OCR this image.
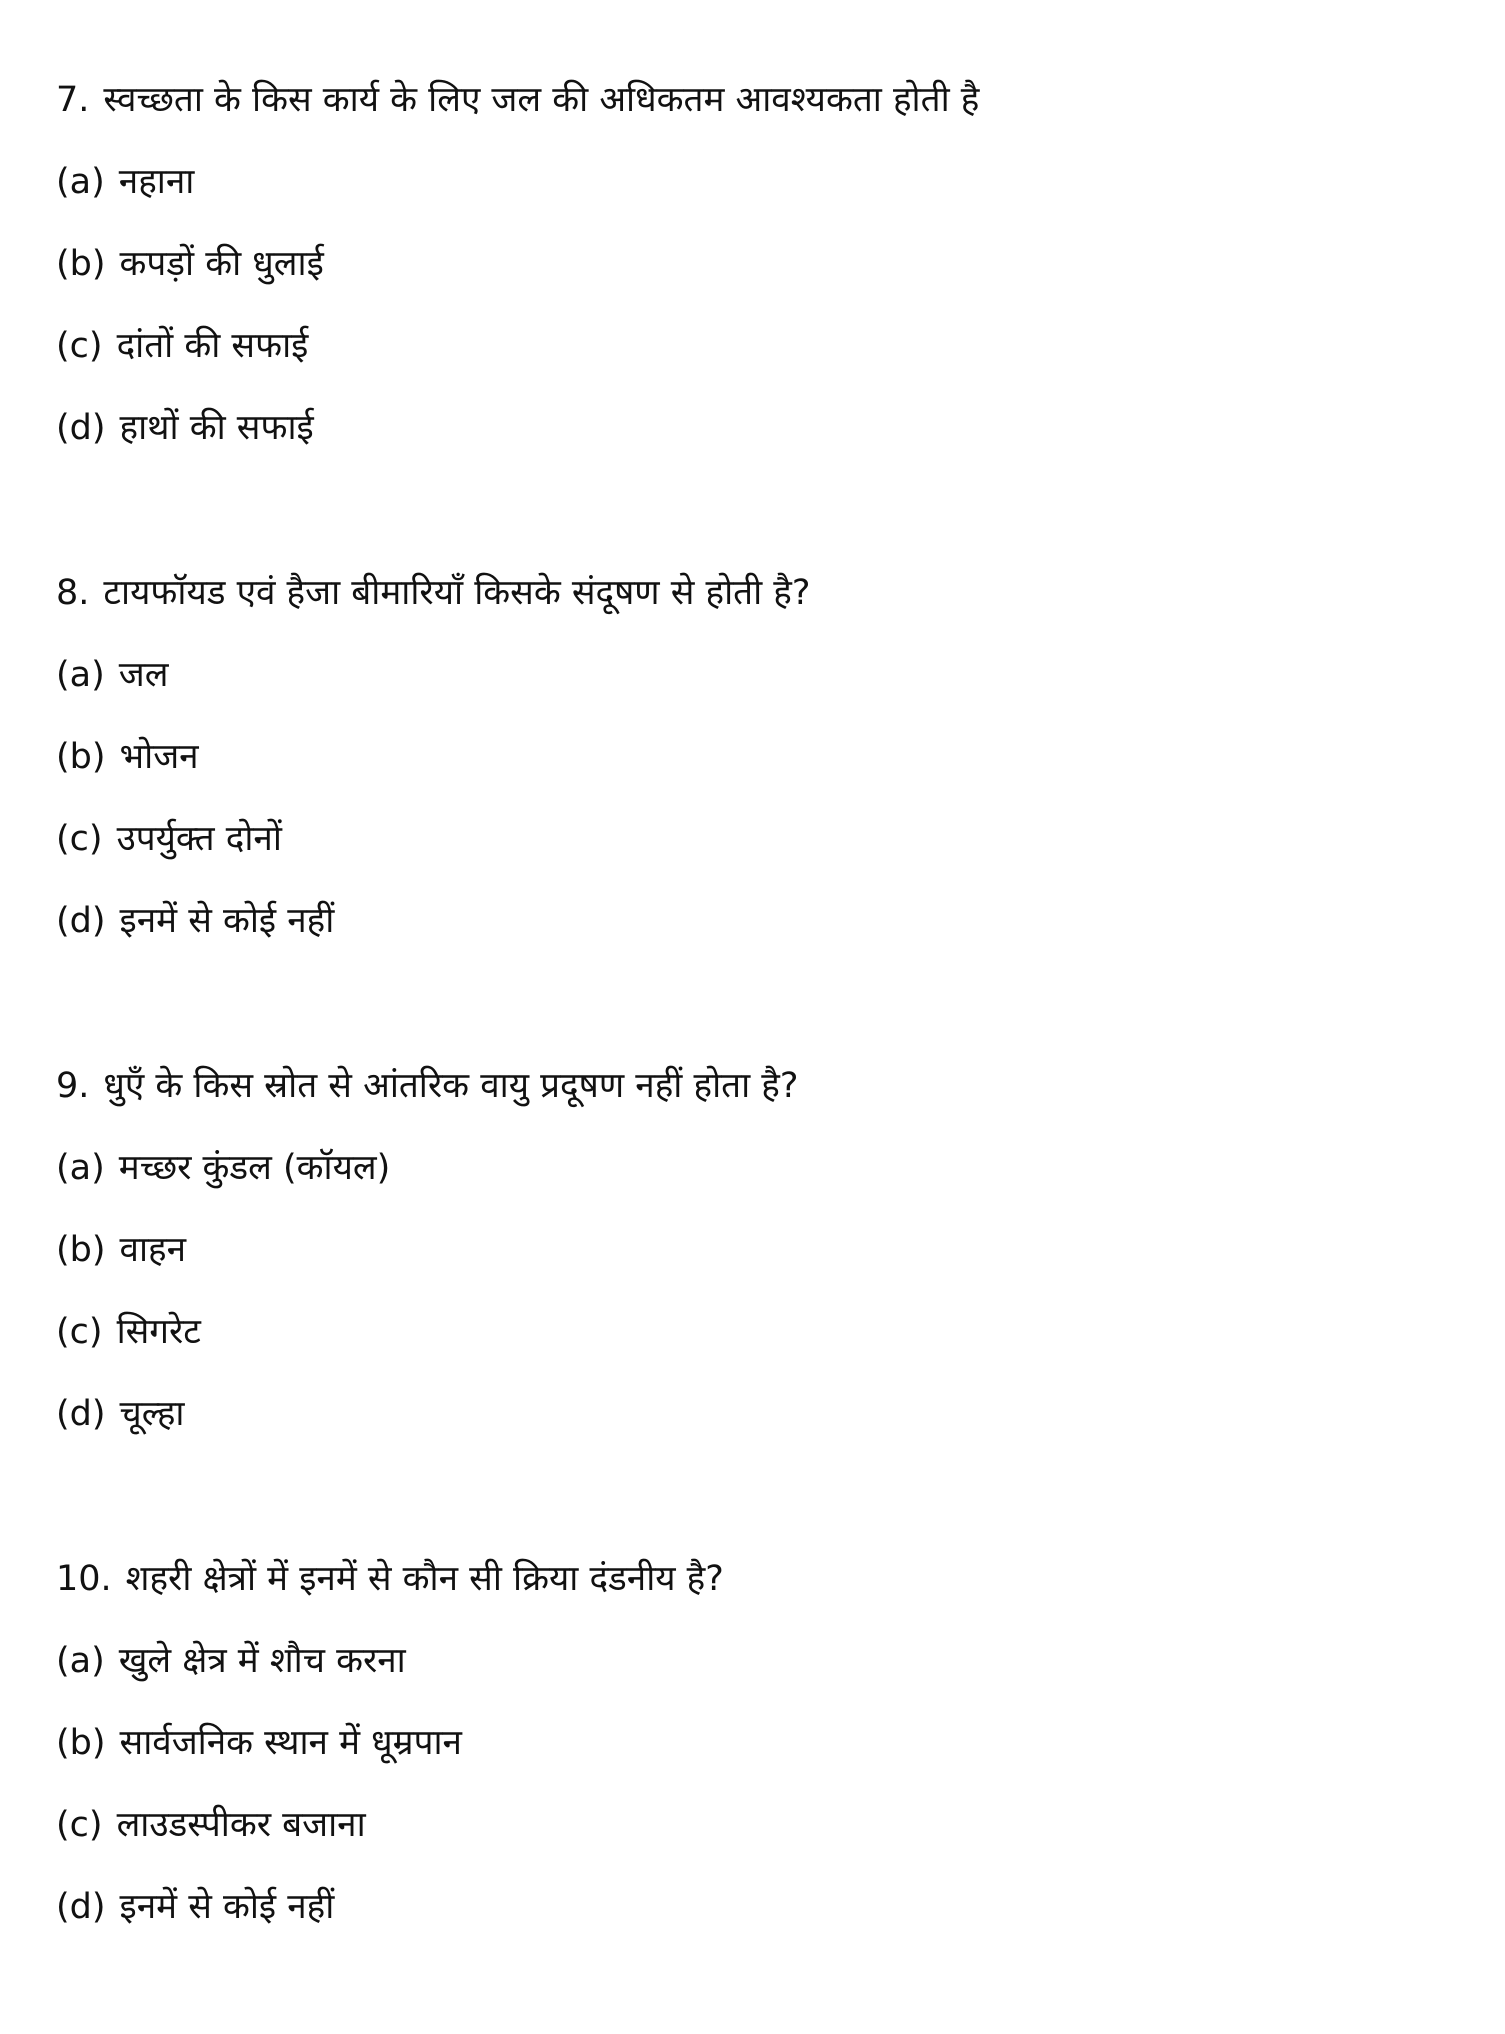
7. स्वच्छता के किस कार्य के लिए जल की अधिकतम आवश्यकता होती है
(a) नहाना
(b) कपड़ों की धुलाई
(c) दांतों की सफाई
(d) हाथों की सफाई
8. टायफॉयड एवं हैजा बीमारियाँ किसके संदूषण से होती है?
(a) जल
(b) भोजन
(c) उपर्युक्त दोनों
(d) इनमें से कोई नहीं
9. धुएँ के किस स्रोत से आंतरिक वायु प्रदूषण नहीं होता है?
(a) मच्छर कुंडल (कॉयल)
(b) वाहन
(c) सिगरेट
(d) चूल्हा
10. शहरी क्षेत्रों में इनमें से कौन सी क्रिया दंडनीय है?
(a) खुले क्षेत्र में शौच करना
(b) सार्वजनिक स्थान में धूम्रपान
(c) लाउडस्पीकर बजाना
(d) इनमें से कोई नहीं
